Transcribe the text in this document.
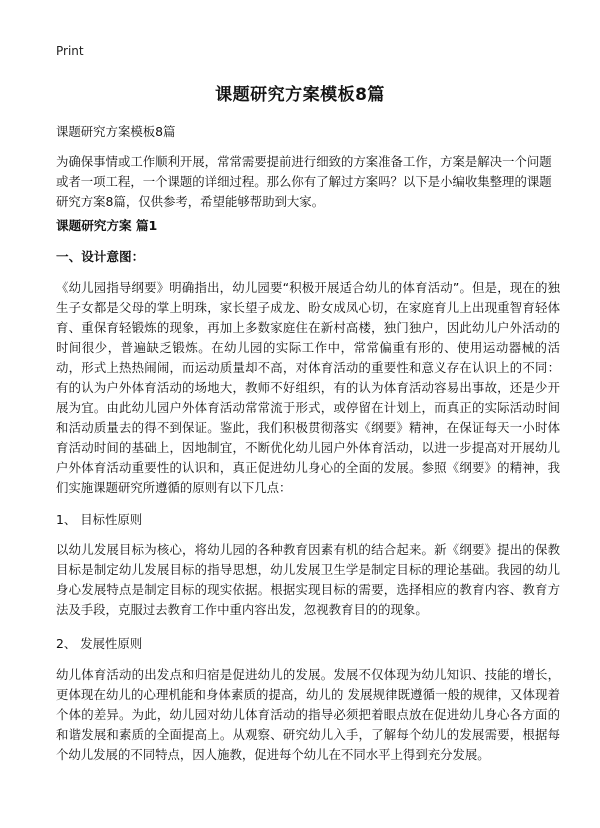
Print
课题研究方案模板8篇
课题研究方案模板8篇

为确保事情或工作顺利开展，常常需要提前进行细致的方案准备工作，方案是解决一个问题或者一项工程，一个课题的详细过程。那么你有了解过方案吗？以下是小编收集整理的课题研究方案8篇，仅供参考，希望能够帮助到大家。

课题研究方案 篇1
一、设计意图：

《幼儿园指导纲要》明确指出，幼儿园要“积极开展适合幼儿的体育活动”。但是，现在的独生子女都是父母的掌上明珠，家长望子成龙、盼女成凤心切，在家庭育儿上出现重智育轻体育、重保育轻锻炼的现象，再加上多数家庭住在新村高楼，独门独户，因此幼儿户外活动的时间很少，普遍缺乏锻炼。在幼儿园的实际工作中，常常偏重有形的、使用运动器械的活动，形式上热热闹闹，而运动质量却不高，对体育活动的重要性和意义存在认识上的不同：有的认为户外体育活动的场地大，教师不好组织，有的认为体育活动容易出事故，还是少开展为宜。由此幼儿园户外体育活动常常流于形式，或停留在计划上，而真正的实际活动时间和活动质量去的得不到保证。鉴此，我们积极贯彻落实《纲要》精神，在保证每天一小时体育活动时间的基础上，因地制宜，不断优化幼儿园户外体育活动，以进一步提高对开展幼儿户外体育活动重要性的认识和，真正促进幼儿身心的全面的发展。参照《纲要》的精神，我们实施课题研究所遵循的原则有以下几点：

1、 目标性原则

以幼儿发展目标为核心，将幼儿园的各种教育因素有机的结合起来。新《纲要》提出的保教目标是制定幼儿发展目标的指导思想，幼儿发展卫生学是制定目标的理论基础。我园的幼儿身心发展特点是制定目标的现实依据。根据实现目标的需要，选择相应的教育内容、教育方法及手段，克服过去教育工作中重内容出发，忽视教育目的的现象。

2、 发展性原则

幼儿体育活动的出发点和归宿是促进幼儿的发展。发展不仅体现为幼儿知识、技能的增长，更体现在幼儿的心理机能和身体素质的提高，幼儿的 发展规律既遵循一般的规律，又体现着个体的差异。为此，幼儿园对幼儿体育活动的指导必须把着眼点放在促进幼儿身心各方面的和谐发展和素质的全面提高上。从观察、研究幼儿入手，了解每个幼儿的发展需要，根据每个幼儿发展的不同特点，因人施教，促进每个幼儿在不同水平上得到充分发展。
